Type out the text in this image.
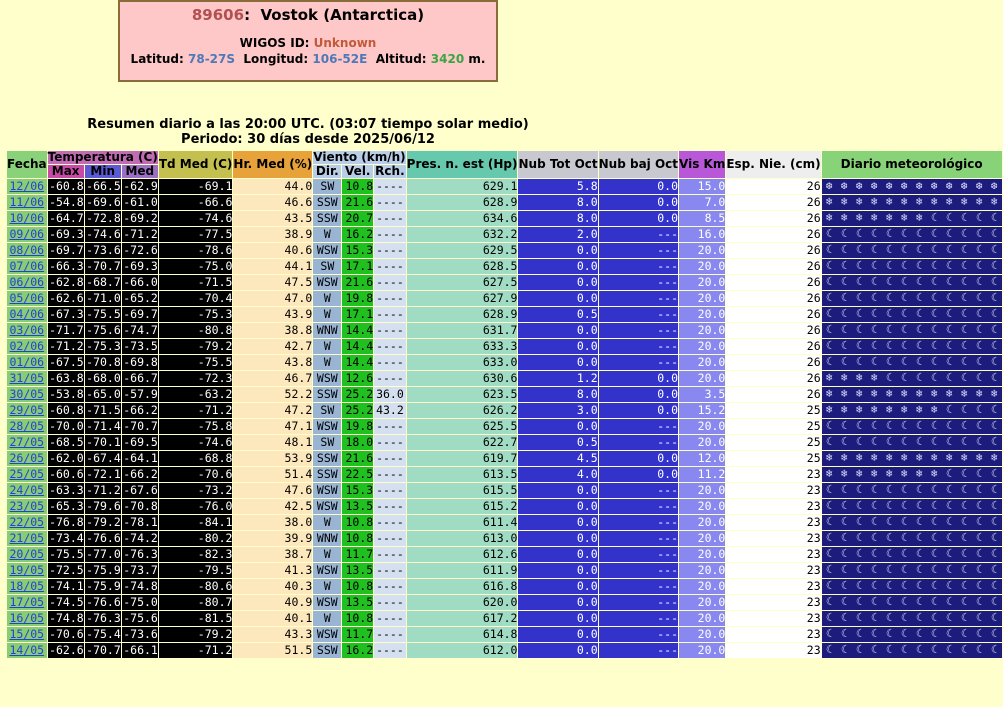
89606:  Vostok (Antarctica)
WIGOS ID: Unknown
Latitud: 78-27S Longitud: 106-52E Altitud: 3420 m.
Resumen diario a las 20:00 UTC. (03:07 tiempo solar medio)
Periodo: 30 días desde 2025/06/12
Fecha	Temperatura (C)			Td Med (C)	Hr. Med (%)	Viento (km/h)			Pres. n. est (Hp)	Nub Tot Oct	Nub baj Oct	Vis Km	Esp. Nie. (cm)	Diario meteorológico
	Max	Min	Med			Dir.	Vel.	Rch.						
12/06	-60.8	-66.5	-62.9	-69.1	44.0	SW	10.8	----	629.1	5.8	0.0	15.0	26	❆ ❆ ❆ ❆ ❆ ❆ ❆ ❆ ❆ ❆ ❆ ❆
11/06	-54.8	-69.6	-61.0	-66.6	46.6	SSW	21.6	----	628.9	8.0	0.0	7.0	26	❄ ❄ ❄ ❄ ❄ ❄ ❄ ❄ ❄ ❄ ❄ ❄
10/06	-64.7	-72.8	-69.2	-74.6	43.5	SSW	20.7	----	634.6	8.0	0.0	8.5	26	❄ ❄ ❄ ❄ ❄ ❄ ❄ ☾ ☾ ☾ ☾ ☾
09/06	-69.3	-74.6	-71.2	-77.5	38.9	W	16.2	----	632.2	2.0	---	16.0	26	☾ ☾ ☾ ☾ ☾ ☾ ☾ ☾ ☾ ☾ ☾ ☾
08/06	-69.7	-73.6	-72.6	-78.6	40.6	WSW	15.3	----	629.5	0.0	---	20.0	26	☾ ☾ ☾ ☾ ☾ ☾ ☾ ☾ ☾ ☾ ☾ ☾
07/06	-66.3	-70.7	-69.3	-75.0	44.1	SW	17.1	----	628.5	0.0	---	20.0	26	☾ ☾ ☾ ☾ ☾ ☾ ☾ ☾ ☾ ☾ ☾ ☾
06/06	-62.8	-68.7	-66.0	-71.5	47.5	WSW	21.6	----	627.5	0.0	---	20.0	26	☾ ☾ ☾ ☾ ☾ ☾ ☾ ☾ ☾ ☾ ☾ ☾
05/06	-62.6	-71.0	-65.2	-70.4	47.0	W	19.8	----	627.9	0.0	---	20.0	26	☾ ☾ ☾ ☾ ☾ ☾ ☾ ☾ ☾ ☾ ☾ ☾
04/06	-67.3	-75.5	-69.7	-75.3	43.9	W	17.1	----	628.9	0.5	---	20.0	26	☾ ☾ ☾ ☾ ☾ ☾ ☾ ☾ ☾ ☾ ☾ ☾
03/06	-71.7	-75.6	-74.7	-80.8	38.8	WNW	14.4	----	631.7	0.0	---	20.0	26	☾ ☾ ☾ ☾ ☾ ☾ ☾ ☾ ☾ ☾ ☾ ☾
02/06	-71.2	-75.3	-73.5	-79.2	42.7	W	14.4	----	633.3	0.0	---	20.0	26	☾ ☾ ☾ ☾ ☾ ☾ ☾ ☾ ☾ ☾ ☾ ☾
01/06	-67.5	-70.8	-69.8	-75.5	43.8	W	14.4	----	633.0	0.0	---	20.0	26	☾ ☾ ☾ ☾ ☾ ☾ ☾ ☾ ☾ ☾ ☾ ☾
31/05	-63.8	-68.0	-66.7	-72.3	46.7	WSW	12.6	----	630.6	1.2	0.0	20.0	26	❄ ❄ ❄ ❄ ☾ ☾ ☾ ☾ ☾ ☾ ☾ ☾
30/05	-53.8	-65.0	-57.9	-63.2	52.2	SSW	25.2	36.0	623.5	8.0	0.0	3.5	26	❄ ❄ ❄ ❄ ❄ ❄ ❄ ❄ ❄ ❄ ❄ ❄
29/05	-60.8	-71.5	-66.2	-71.2	47.2	SW	25.2	43.2	626.2	3.0	0.0	15.2	25	❄ ❄ ❄ ❄ ❄ ❄ ❄ ❄ ☾ ☾ ☾ ☾
28/05	-70.0	-71.4	-70.7	-75.8	47.1	WSW	19.8	----	625.5	0.0	---	20.0	25	☾ ☾ ☾ ☾ ☾ ☾ ☾ ☾ ☾ ☾ ☾ ☾
27/05	-68.5	-70.1	-69.5	-74.6	48.1	SW	18.0	----	622.7	0.5	---	20.0	25	☾ ☾ ☾ ☾ ☾ ☾ ☾ ☾ ☾ ☾ ☾ ☾
26/05	-62.0	-67.4	-64.1	-68.8	53.9	SSW	21.6	----	619.7	4.5	0.0	12.0	25	❄ ❄ ❄ ❄ ❄ ❄ ❄ ❄ ❄ ❄ ❄ ❄
25/05	-60.6	-72.1	-66.2	-70.6	51.4	SSW	22.5	----	613.5	4.0	0.0	11.2	23	❄ ❄ ❄ ❄ ❄ ❄ ❄ ❄ ☾ ☾ ☾ ☾
24/05	-63.3	-71.2	-67.6	-73.2	47.6	WSW	15.3	----	615.5	0.0	---	20.0	23	☾ ☾ ☾ ☾ ☾ ☾ ☾ ☾ ☾ ☾ ☾ ☾
23/05	-65.3	-79.6	-70.8	-76.0	42.5	WSW	13.5	----	615.2	0.0	---	20.0	23	☾ ☾ ☾ ☾ ☾ ☾ ☾ ☾ ☾ ☾ ☾ ☾
22/05	-76.8	-79.2	-78.1	-84.1	38.0	W	10.8	----	611.4	0.0	---	20.0	23	☾ ☾ ☾ ☾ ☾ ☾ ☾ ☾ ☾ ☾ ☾ ☾
21/05	-73.4	-76.6	-74.2	-80.2	39.9	WNW	10.8	----	613.0	0.0	---	20.0	23	☾ ☾ ☾ ☾ ☾ ☾ ☾ ☾ ☾ ☾ ☾ ☾
20/05	-75.5	-77.0	-76.3	-82.3	38.7	W	11.7	----	612.6	0.0	---	20.0	23	☾ ☾ ☾ ☾ ☾ ☾ ☾ ☾ ☾ ☾ ☾ ☾
19/05	-72.5	-75.9	-73.7	-79.5	41.3	WSW	13.5	----	611.9	0.0	---	20.0	23	☾ ☾ ☾ ☾ ☾ ☾ ☾ ☾ ☾ ☾ ☾ ☾
18/05	-74.1	-75.9	-74.8	-80.6	40.3	W	10.8	----	616.8	0.0	---	20.0	23	☾ ☾ ☾ ☾ ☾ ☾ ☾ ☾ ☾ ☾ ☾ ☾
17/05	-74.5	-76.6	-75.0	-80.7	40.9	WSW	13.5	----	620.0	0.0	---	20.0	23	☾ ☾ ☾ ☾ ☾ ☾ ☾ ☾ ☾ ☾ ☾ ☾
16/05	-74.8	-76.3	-75.6	-81.5	40.1	W	10.8	----	617.2	0.0	---	20.0	23	☾ ☾ ☾ ☾ ☾ ☾ ☾ ☾ ☾ ☾ ☾ ☾
15/05	-70.6	-75.4	-73.6	-79.2	43.3	WSW	11.7	----	614.8	0.0	---	20.0	23	☾ ☾ ☾ ☾ ☾ ☾ ☾ ☾ ☾ ☾ ☾ ☾
14/05	-62.6	-70.7	-66.1	-71.2	51.5	SSW	16.2	----	612.0	0.0	---	20.0	23	☾ ☾ ☾ ☾ ☾ ☾ ☾ ☾ ☾ ☾ ☾ ☾
